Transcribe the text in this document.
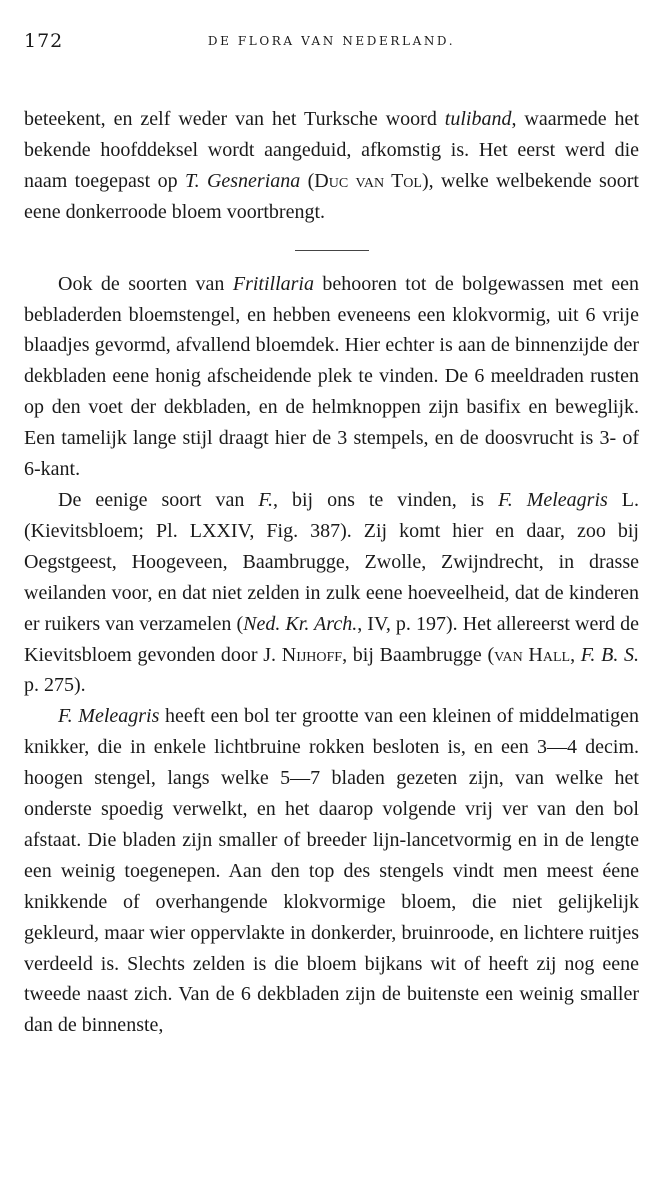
172	DE FLORA VAN NEDERLAND.

beteekent, en zelf weder van het Turksche woord tuliband, waarmede het bekende hoofddeksel wordt aangeduid, afkomstig is. Het eerst werd die naam toegepast op T. Gesneriana (Duc van Tol), welke welbekende soort eene donkerroode bloem voortbrengt.

Ook de soorten van Fritillaria behooren tot de bolgewassen met een bebladerden bloemstengel, en hebben eveneens een klokvormig, uit 6 vrije blaadjes gevormd, afvallend bloemdek. Hier echter is aan de binnenzijde der dekbladen eene honig afscheidende plek te vinden. De 6 meeldraden rusten op den voet der dekbladen, en de helmknoppen zijn basifix en beweglijk. Een tamelijk lange stijl draagt hier de 3 stempels, en de doosvrucht is 3- of 6-kant.

De eenige soort van F., bij ons te vinden, is F. Meleagris L. (Kievitsbloem; Pl. LXXIV, Fig. 387). Zij komt hier en daar, zoo bij Oegstgeest, Hoogeveen, Baambrugge, Zwolle, Zwijndrecht, in drasse weilanden voor, en dat niet zelden in zulk eene hoeveelheid, dat de kinderen er ruikers van verzamelen (Ned. Kr. Arch., IV, p. 197). Het allereerst werd de Kievitsbloem gevonden door J. Nijhoff, bij Baambrugge (van Hall, F. B. S. p. 275).

F. Meleagris heeft een bol ter grootte van een kleinen of middelmatigen knikker, die in enkele lichtbruine rokken besloten is, en een 3—4 decim. hoogen stengel, langs welke 5—7 bladen gezeten zijn, van welke het onderste spoedig verwelkt, en het daarop volgende vrij ver van den bol afstaat. Die bladen zijn smaller of breeder lijn-lancetvormig en in de lengte een weinig toegenepen. Aan den top des stengels vindt men meest éene knikkende of overhangende klokvormige bloem, die niet gelijkelijk gekleurd, maar wier oppervlakte in donkerder, bruinroode, en lichtere ruitjes verdeeld is. Slechts zelden is die bloem bijkans wit of heeft zij nog eene tweede naast zich. Van de 6 dekbladen zijn de buitenste een weinig smaller dan de binnenste,
